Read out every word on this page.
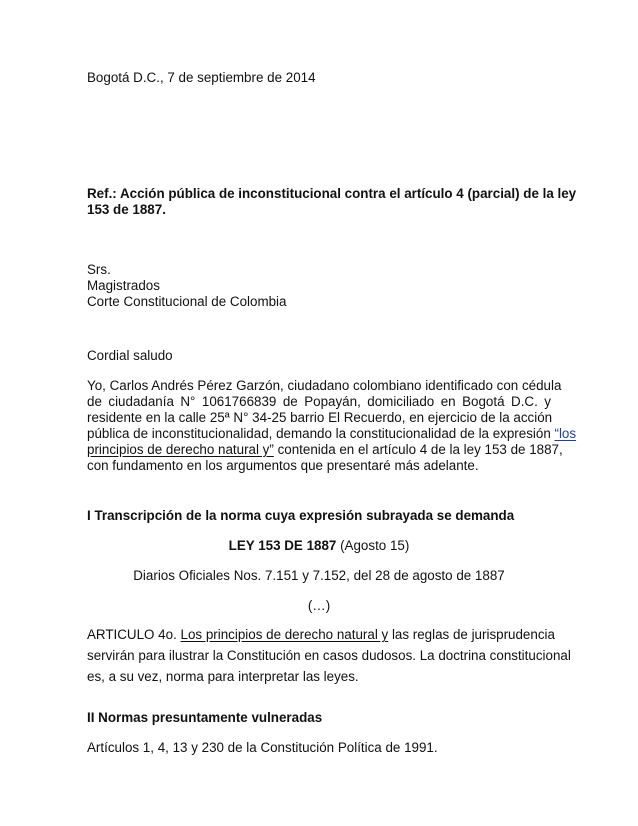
Bogotá D.C., 7 de septiembre de 2014

Ref.: Acción pública de inconstitucional contra el artículo 4 (parcial) de la ley
153 de 1887.
Srs.
Magistrados
Corte Constitucional de Colombia

Cordial saludo

Yo, Carlos Andrés Pérez Garzón, ciudadano colombiano identificado con cédula
de ciudadanía N° 1061766839 de Popayán, domiciliado en Bogotá D.C. y
residente en la calle 25ª N° 34-25 barrio El Recuerdo, en ejercicio de la acción
pública de inconstitucionalidad, demando la constitucionalidad de la expresión “los
principios de derecho natural y” contenida en el artículo 4 de la ley 153 de 1887,
con fundamento en los argumentos que presentaré más adelante.

I Transcripción de la norma cuya expresión subrayada se demanda

LEY 153 DE 1887 (Agosto 15)

Diarios Oficiales Nos. 7.151 y 7.152, del 28 de agosto de 1887

(…)

ARTICULO 4o. Los principios de derecho natural y las reglas de jurisprudencia
servirán para ilustrar la Constitución en casos dudosos. La doctrina constitucional
es, a su vez, norma para interpretar las leyes.

II Normas presuntamente vulneradas

Artículos 1, 4, 13 y 230 de la Constitución Política de 1991.
